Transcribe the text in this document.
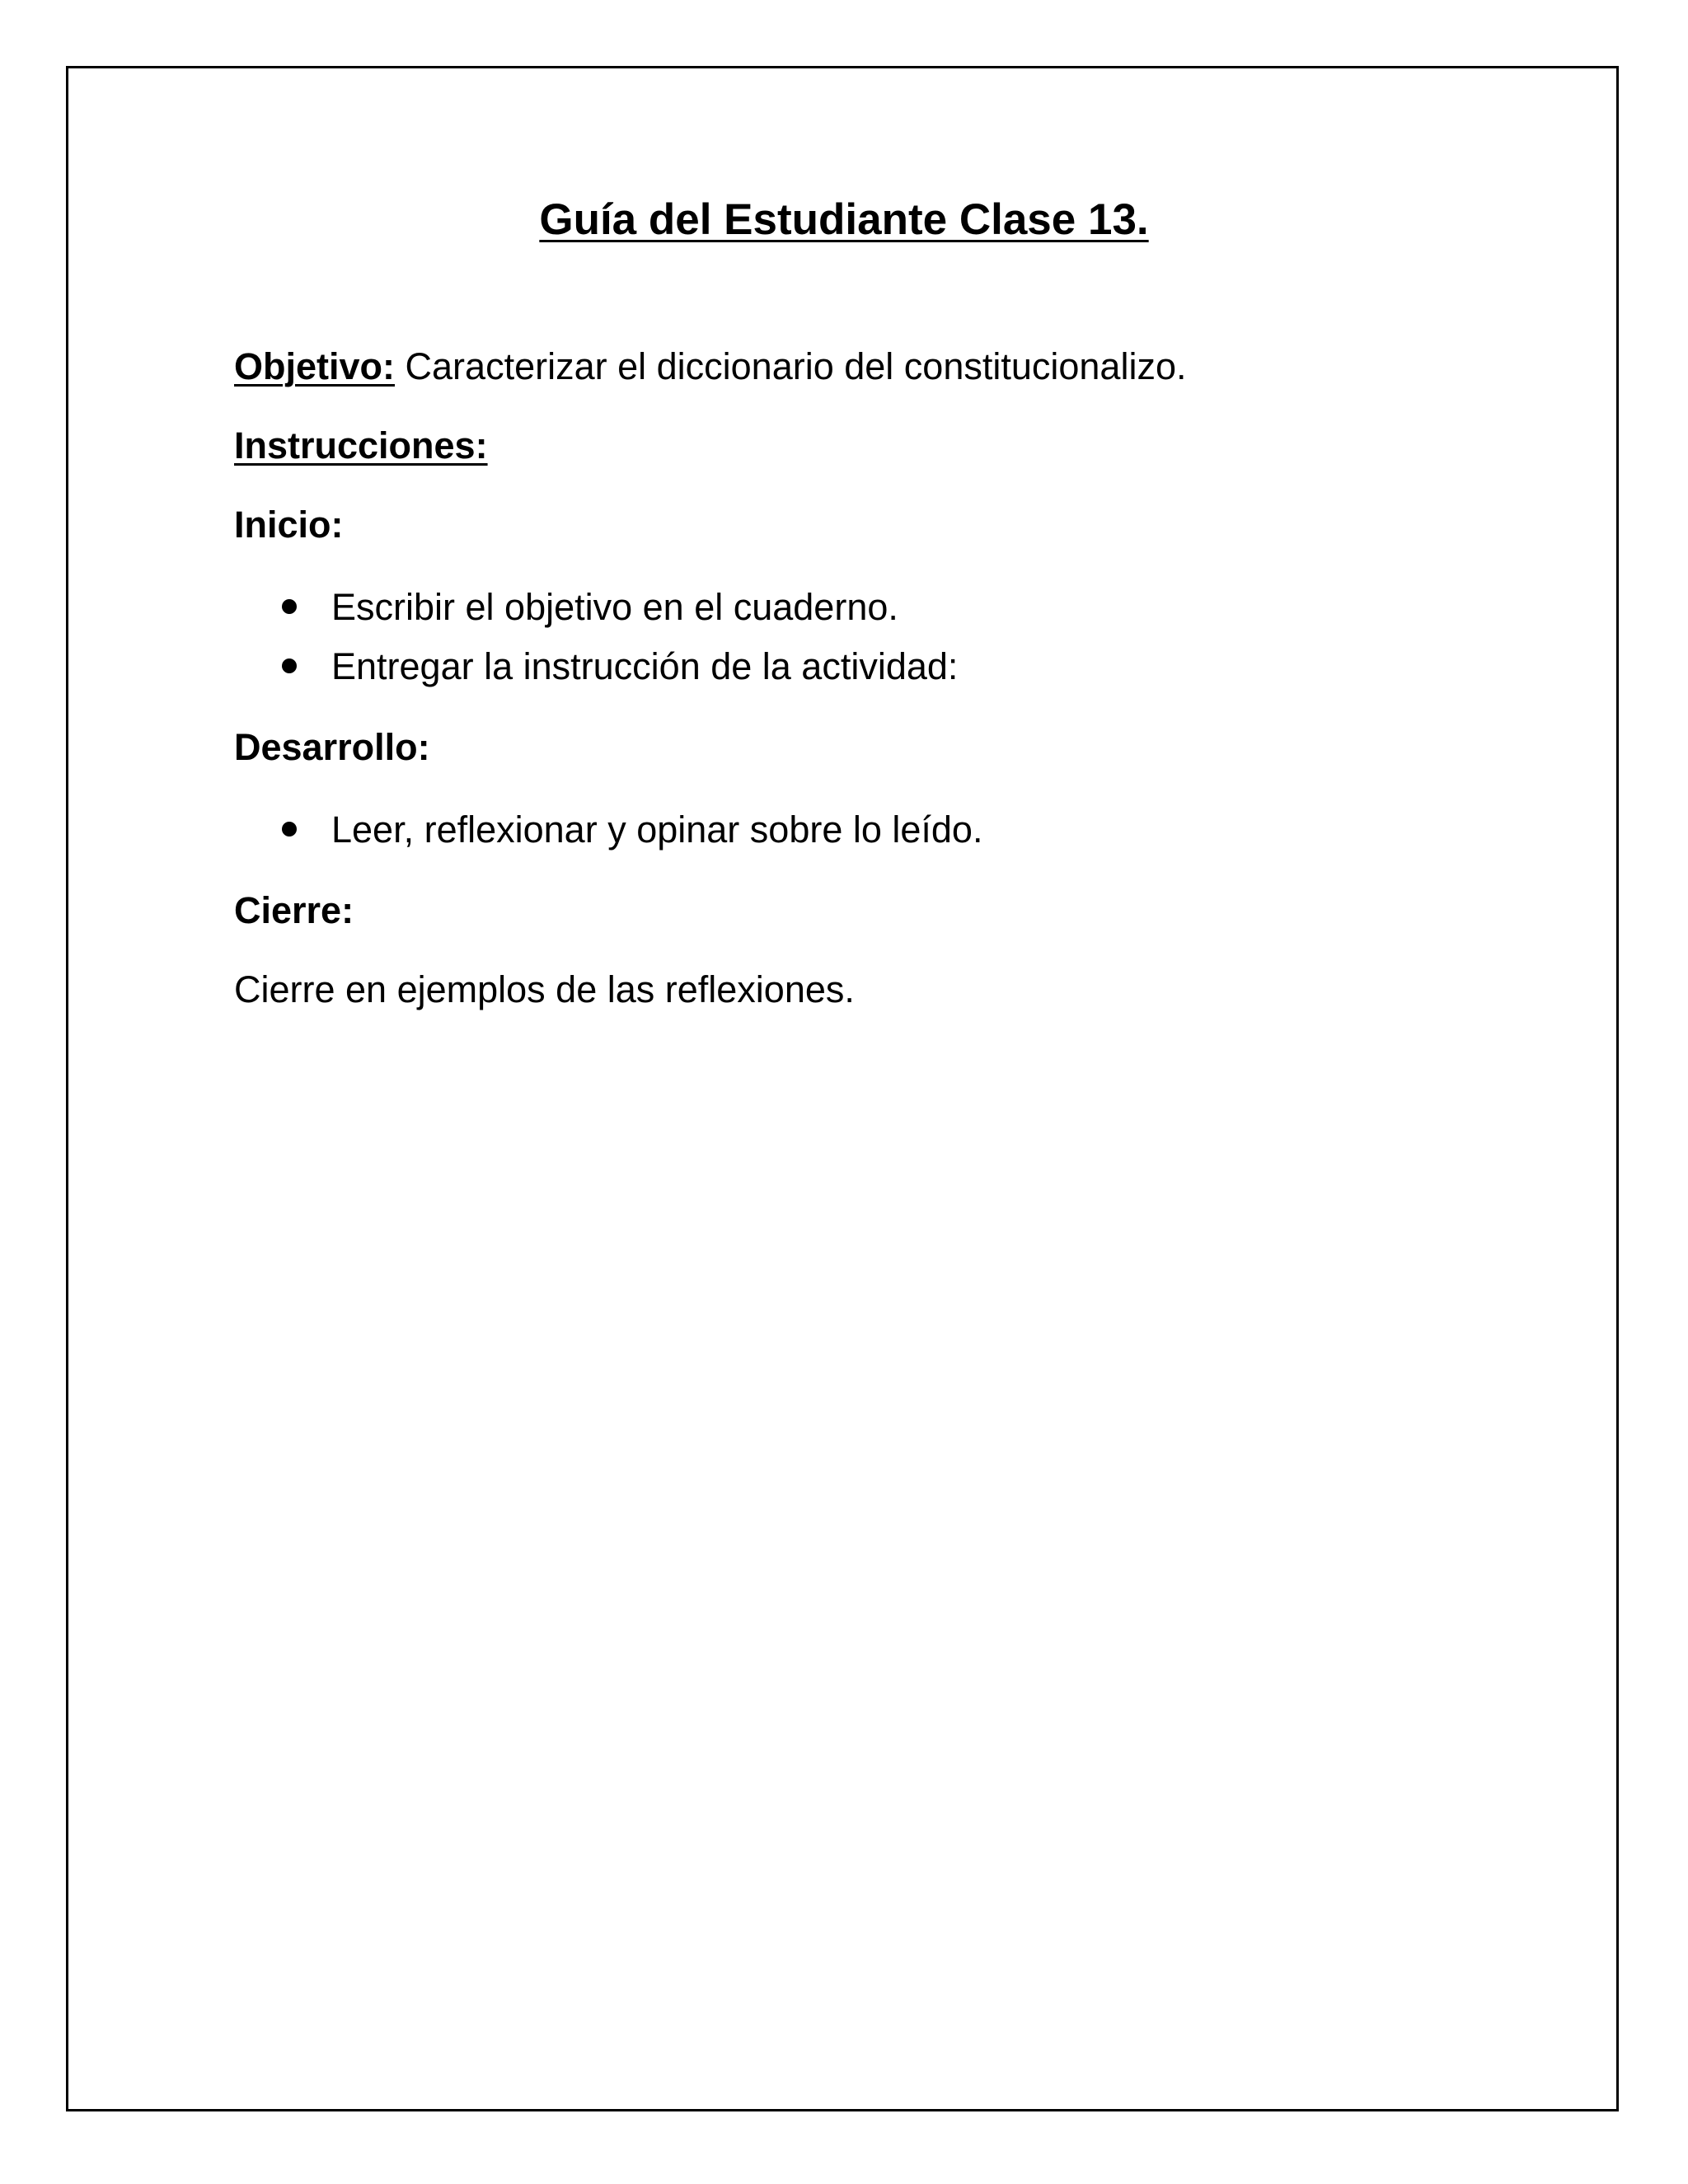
Guía del Estudiante Clase 13.
Objetivo: Caracterizar el diccionario del constitucionalizo.
Instrucciones:
Inicio:
Escribir el objetivo en el cuaderno.
Entregar la instrucción de la actividad:
Desarrollo:
Leer, reflexionar y opinar sobre lo leído.
Cierre:
Cierre en ejemplos de las reflexiones.
